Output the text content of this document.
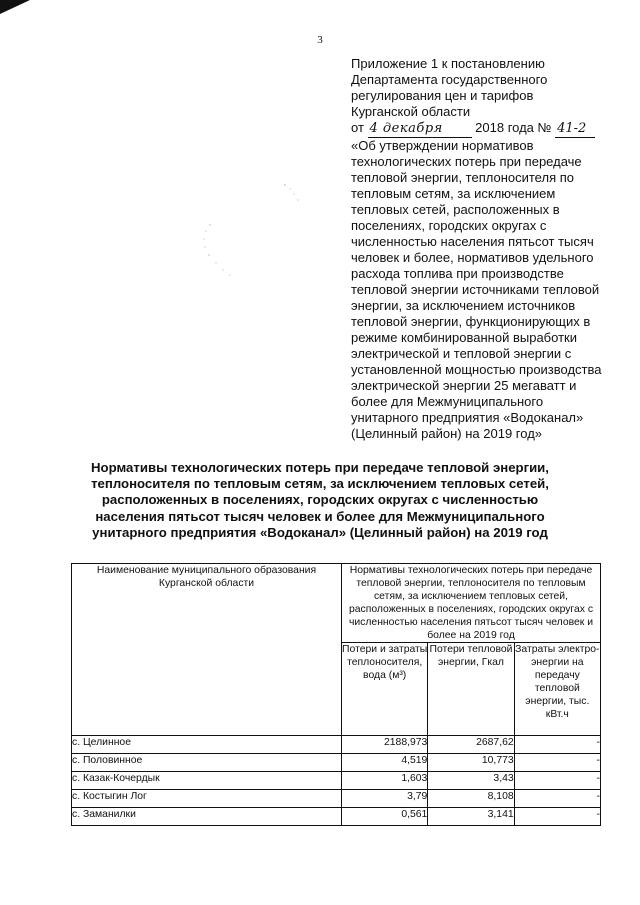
3
Приложение 1 к постановлению
Департамента государственного
регулирования цен и тарифов
Курганской области
от 4 декабря 2018 года № 41-2
«Об утверждении нормативов технологических потерь при передаче тепловой энергии, теплоносителя по тепловым сетям, за исключением тепловых сетей, расположенных в поселениях, городских округах с численностью населения пятьсот тысяч человек и более, нормативов удельного расхода топлива при производстве тепловой энергии источниками тепловой энергии, за исключением источников тепловой энергии, функционирующих в режиме комбинированной выработки электрической и тепловой энергии с установленной мощностью производства электрической энергии 25 мегаватт и более для Межмуниципального унитарного предприятия «Водоканал» (Целинный район) на 2019 год»
Нормативы технологических потерь при передаче тепловой энергии, теплоносителя по тепловым сетям, за исключением тепловых сетей, расположенных в поселениях, городских округах с численностью населения пятьсот тысяч человек и более для Межмуниципального унитарного предприятия «Водоканал» (Целинный район) на 2019 год
Наименование муниципального образования Курганской области	Нормативы технологических потерь при передаче тепловой энергии, теплоносителя по тепловым сетям, за исключением тепловых сетей, расположенных в поселениях, городских округах с численностью населения пятьсот тысяч человек и более на 2019 год		
	Потери и затраты теплоносителя, вода (м³)	Потери тепловой энергии, Гкал	Затраты электро-энергии на передачу тепловой энергии, тыс. кВт.ч
с. Целинное	2188,973	2687,62	-
с. Половинное	4,519	10,773	-
с. Казак-Кочердык	1,603	3,43	-
с. Костыгин Лог	3,79	8,108	-
с. Заманилки	0,561	3,141	-
